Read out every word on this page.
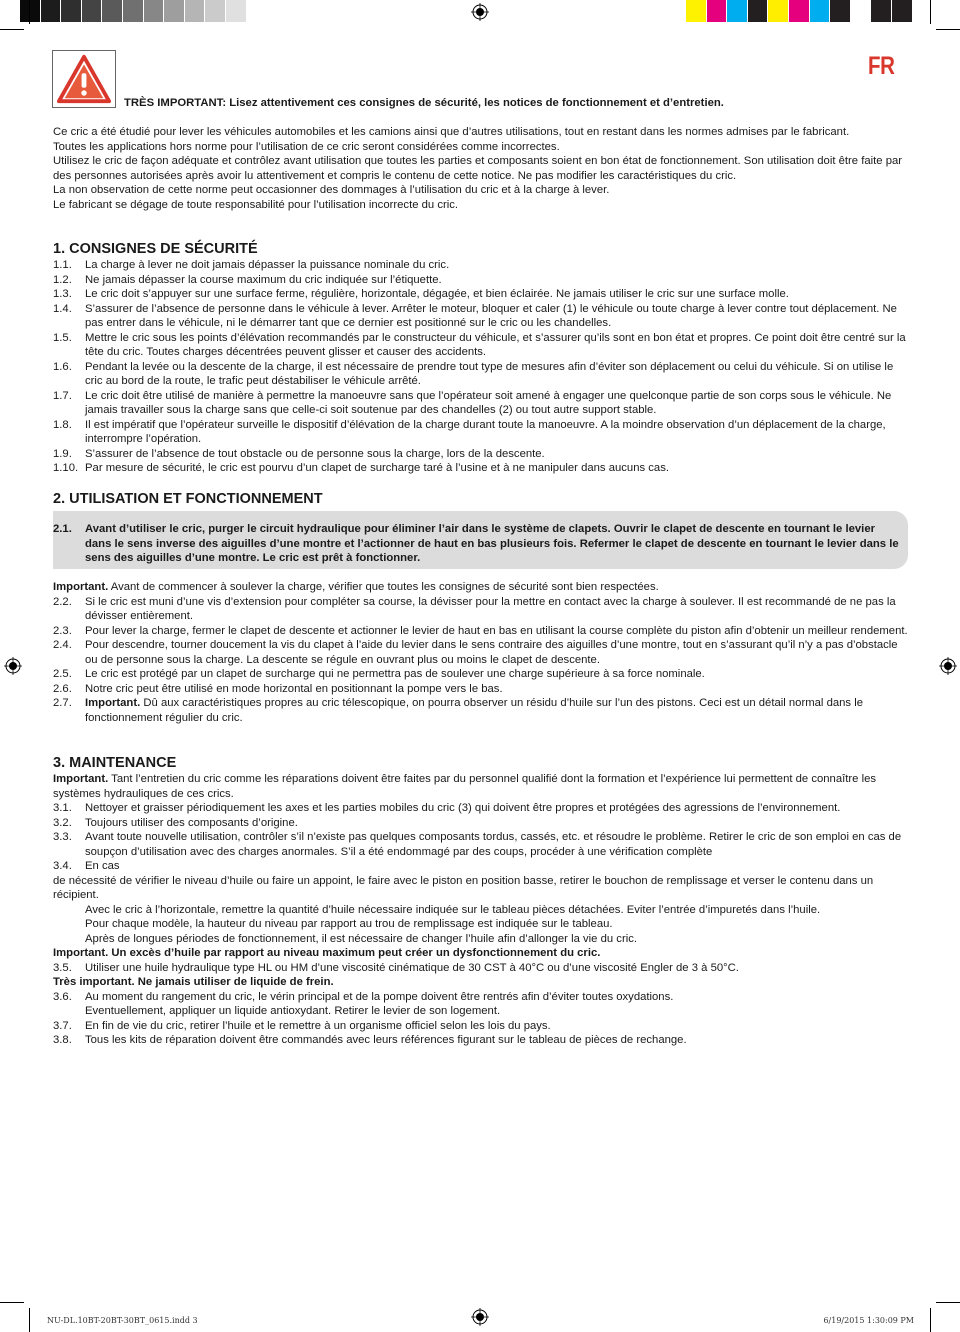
FR
TRÈS IMPORTANT: Lisez attentivement ces consignes de sécurité, les notices de fonctionnement et d’entretien.

Ce cric a été étudié pour lever les véhicules automobiles et les camions ainsi que d’autres utilisations, tout en restant dans les normes admises par le fabricant.

Toutes les applications hors norme pour l’utilisation de ce cric seront considérées comme incorrectes.

Utilisez le cric de façon adéquate et contrôlez avant utilisation que toutes les parties et composants soient en bon état de fonctionnement. Son utilisation doit être faite par des personnes autorisées après avoir lu attentivement et compris le contenu de cette notice. Ne pas modifier les caractéristiques du cric.

La non observation de cette norme peut occasionner des dommages à l’utilisation du cric et à la charge à lever.

Le fabricant se dégage de toute responsabilité pour l’utilisation incorrecte du cric.

1. CONSIGNES DE SÉCURITÉ
1.1.	La charge à lever ne doit jamais dépasser la puissance nominale du cric.
1.2.	Ne jamais dépasser la course maximum du cric indiquée sur l’étiquette.
1.3.	Le cric doit s’appuyer sur une surface ferme, régulière, horizontale, dégagée, et bien éclairée. Ne jamais utiliser le cric sur une surface molle.
1.4.	S’assurer de l’absence de personne dans le véhicule à lever. Arrêter le moteur, bloquer et caler (1) le véhicule ou toute charge à lever contre tout déplacement. Ne pas entrer dans le véhicule, ni le démarrer tant que ce dernier est positionné sur le cric ou les chandelles.
1.5.	Mettre le cric sous les points d’élévation recommandés par le constructeur du véhicule, et s’assurer qu’ils sont en bon état et propres. Ce point doit être centré sur la tête du cric. Toutes charges décentrées peuvent glisser et causer des accidents.
1.6.	Pendant la levée ou la descente de la charge, il est nécessaire de prendre tout type de mesures afin d’éviter son déplacement ou celui du véhicule. Si on utilise le cric au bord de la route, le trafic peut déstabiliser le véhicule arrêté.
1.7.	Le cric doit être utilisé de manière à permettre la manoeuvre sans que l’opérateur soit amené à engager une quelconque partie de son corps sous le véhicule. Ne jamais travailler sous la charge sans que celle-ci soit soutenue par des chandelles (2) ou tout autre support stable.
1.8.	Il est impératif que l’opérateur surveille le dispositif d’élévation de la charge durant toute la manoeuvre. A la moindre observation d’un déplacement de la charge, interrompre l’opération.
1.9.	S’assurer de l’absence de tout obstacle ou de personne sous la charge, lors de la descente.
1.10. Par mesure de sécurité, le cric est pourvu d’un clapet de surcharge taré à l’usine et à ne manipuler dans aucuns cas.
2. UTILISATION ET FONCTIONNEMENT
2.1.	Avant d’utiliser le cric, purger le circuit hydraulique pour éliminer l’air dans le système de clapets. Ouvrir le clapet de descente en tournant le levier dans le sens inverse des aiguilles d’une montre et l’actionner de haut en bas plusieurs fois. Refermer le clapet de descente en tournant le levier dans le sens des aiguilles d’une montre. Le cric est prêt à fonctionner.
Important. Avant de commencer à soulever la charge, vérifier que toutes les consignes de sécurité sont bien respectées.
2.2.	Si le cric est muni d’une vis d’extension pour compléter sa course, la dévisser pour la mettre en contact avec la charge à soulever. Il est recommandé de ne pas la dévisser entièrement.
2.3.	Pour lever la charge, fermer le clapet de descente et actionner le levier de haut en bas en utilisant la course complète du piston afin d’obtenir un meilleur rendement.
2.4.	Pour descendre, tourner doucement la vis du clapet à l’aide du levier dans le sens contraire des aiguilles d’une montre, tout en s’assurant qu’il n’y a pas d’obstacle ou de personne sous la charge. La descente se régule en ouvrant plus ou moins le clapet de descente.
2.5.	Le cric est protégé par un clapet de surcharge qui ne permettra pas de soulever une charge supérieure à sa force nominale.
2.6.	Notre cric peut être utilisé en mode horizontal en positionnant la pompe vers le bas.
2.7.	Important. Dû aux caractéristiques propres au cric télescopique, on pourra observer un résidu d’huile sur l’un des pistons. Ceci est un détail normal dans le fonctionnement régulier du cric.
3. MAINTENANCE
Important. Tant l’entretien du cric comme les réparations doivent être faites par du personnel qualifié dont la formation et l’expérience lui permettent de connaître les systèmes hydrauliques de ces crics.
3.1.	Nettoyer et graisser périodiquement les axes et les parties mobiles du cric (3) qui doivent être propres et protégées des agressions de l’environnement.
3.2.	Toujours utiliser des composants d’origine.
3.3.	Avant toute nouvelle utilisation, contrôler s’il n’existe pas quelques composants tordus, cassés, etc. et résoudre le problème. Retirer le cric de son emploi en cas de soupçon d’utilisation avec des charges anormales. S’il a été endommagé par des coups, procéder à une vérification complète
3.4.	En cas
de nécessité de vérifier le niveau d’huile ou faire un appoint, le faire avec le piston en position basse, retirer le bouchon de remplissage et verser le contenu dans un récipient.
Avec le cric à l’horizontale, remettre la quantité d’huile nécessaire indiquée sur le tableau pièces détachées. Eviter l’entrée d’impuretés dans l’huile.
Pour chaque modèle, la hauteur du niveau par rapport au trou de remplissage est indiquée sur le tableau.
Après de longues périodes de fonctionnement, il est nécessaire de changer l’huile afin d’allonger la vie du cric.
Important. Un excès d’huile par rapport au niveau maximum peut créer un dysfonctionnement du cric.
3.5.	Utiliser une huile hydraulique type HL ou HM d’une viscosité cinématique de 30 CST à 40°C ou d’une viscosité Engler de 3 à 50°C.
Très important. Ne jamais utiliser de liquide de frein.
3.6.	Au moment du rangement du cric, le vérin principal et de la pompe doivent être rentrés afin d’éviter toutes oxydations.
Eventuellement, appliquer un liquide antioxydant. Retirer le levier de son logement.
3.7.	En fin de vie du cric, retirer l’huile et le remettre à un organisme officiel selon les lois du pays.
3.8.	Tous les kits de réparation doivent être commandés avec leurs références figurant sur le tableau de pièces de rechange.
NU-DL.10BT-20BT-30BT_0615.indd 3	6/19/2015 1:30:09 PM
